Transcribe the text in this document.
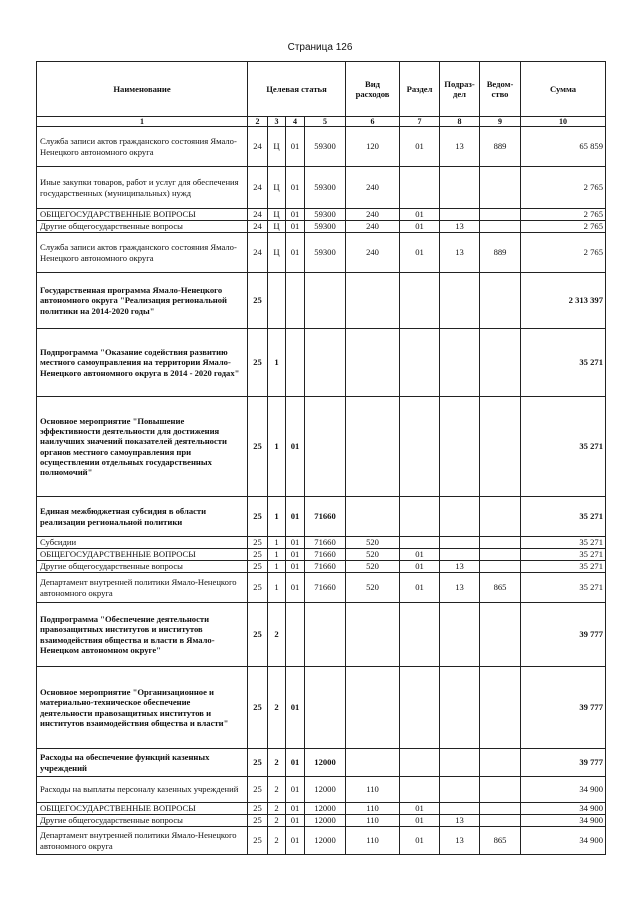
Страница 126
Наименование	Целевая статья				Вид расходов	Раздел	Подраз-дел	Ведом-ство	Сумма
1	2	3	4	5	6	7	8	9	10
Служба записи актов гражданского состояния Ямало-Ненецкого автономного округа	24	Ц	01	59300	120	01	13	889	65 859
Иные закупки товаров, работ и услуг для обеспечения государственных (муниципальных) нужд	24	Ц	01	59300	240				2 765
ОБЩЕГОСУДАРСТВЕННЫЕ ВОПРОСЫ	24	Ц	01	59300	240	01			2 765
Другие общегосударственные вопросы	24	Ц	01	59300	240	01	13		2 765
Служба записи актов гражданского состояния Ямало-Ненецкого автономного округа	24	Ц	01	59300	240	01	13	889	2 765
Государственная программа Ямало-Ненецкого автономного округа "Реализация региональной политики на 2014-2020 годы"	25								2 313 397
Подпрограмма "Оказание содействия развитию местного самоуправления на территории Ямало-Ненецкого автономного округа в 2014 - 2020 годах"	25	1							35 271
Основное мероприятие "Повышение эффективности деятельности для достижения наилучших значений показателей деятельности органов местного самоуправления при осуществлении отдельных государственных полномочий"	25	1	01						35 271
Единая межбюджетная субсидия в области реализации региональной политики	25	1	01	71660					35 271
Субсидии	25	1	01	71660	520				35 271
ОБЩЕГОСУДАРСТВЕННЫЕ ВОПРОСЫ	25	1	01	71660	520	01			35 271
Другие общегосударственные вопросы	25	1	01	71660	520	01	13		35 271
Департамент внутренней политики Ямало-Ненецкого автономного округа	25	1	01	71660	520	01	13	865	35 271
Подпрограмма "Обеспечение деятельности правозащитных институтов и институтов взаимодействия общества и власти в Ямало-Ненецком автономном округе"	25	2							39 777
Основное мероприятие "Организационное и материально-техническое обеспечение деятельности правозащитных институтов и институтов взаимодействия общества и власти"	25	2	01						39 777
Расходы на обеспечение функций казенных учреждений	25	2	01	12000					39 777
Расходы на выплаты персоналу казенных учреждений	25	2	01	12000	110				34 900
ОБЩЕГОСУДАРСТВЕННЫЕ ВОПРОСЫ	25	2	01	12000	110	01			34 900
Другие общегосударственные вопросы	25	2	01	12000	110	01	13		34 900
Департамент внутренней политики Ямало-Ненецкого автономного округа	25	2	01	12000	110	01	13	865	34 900
